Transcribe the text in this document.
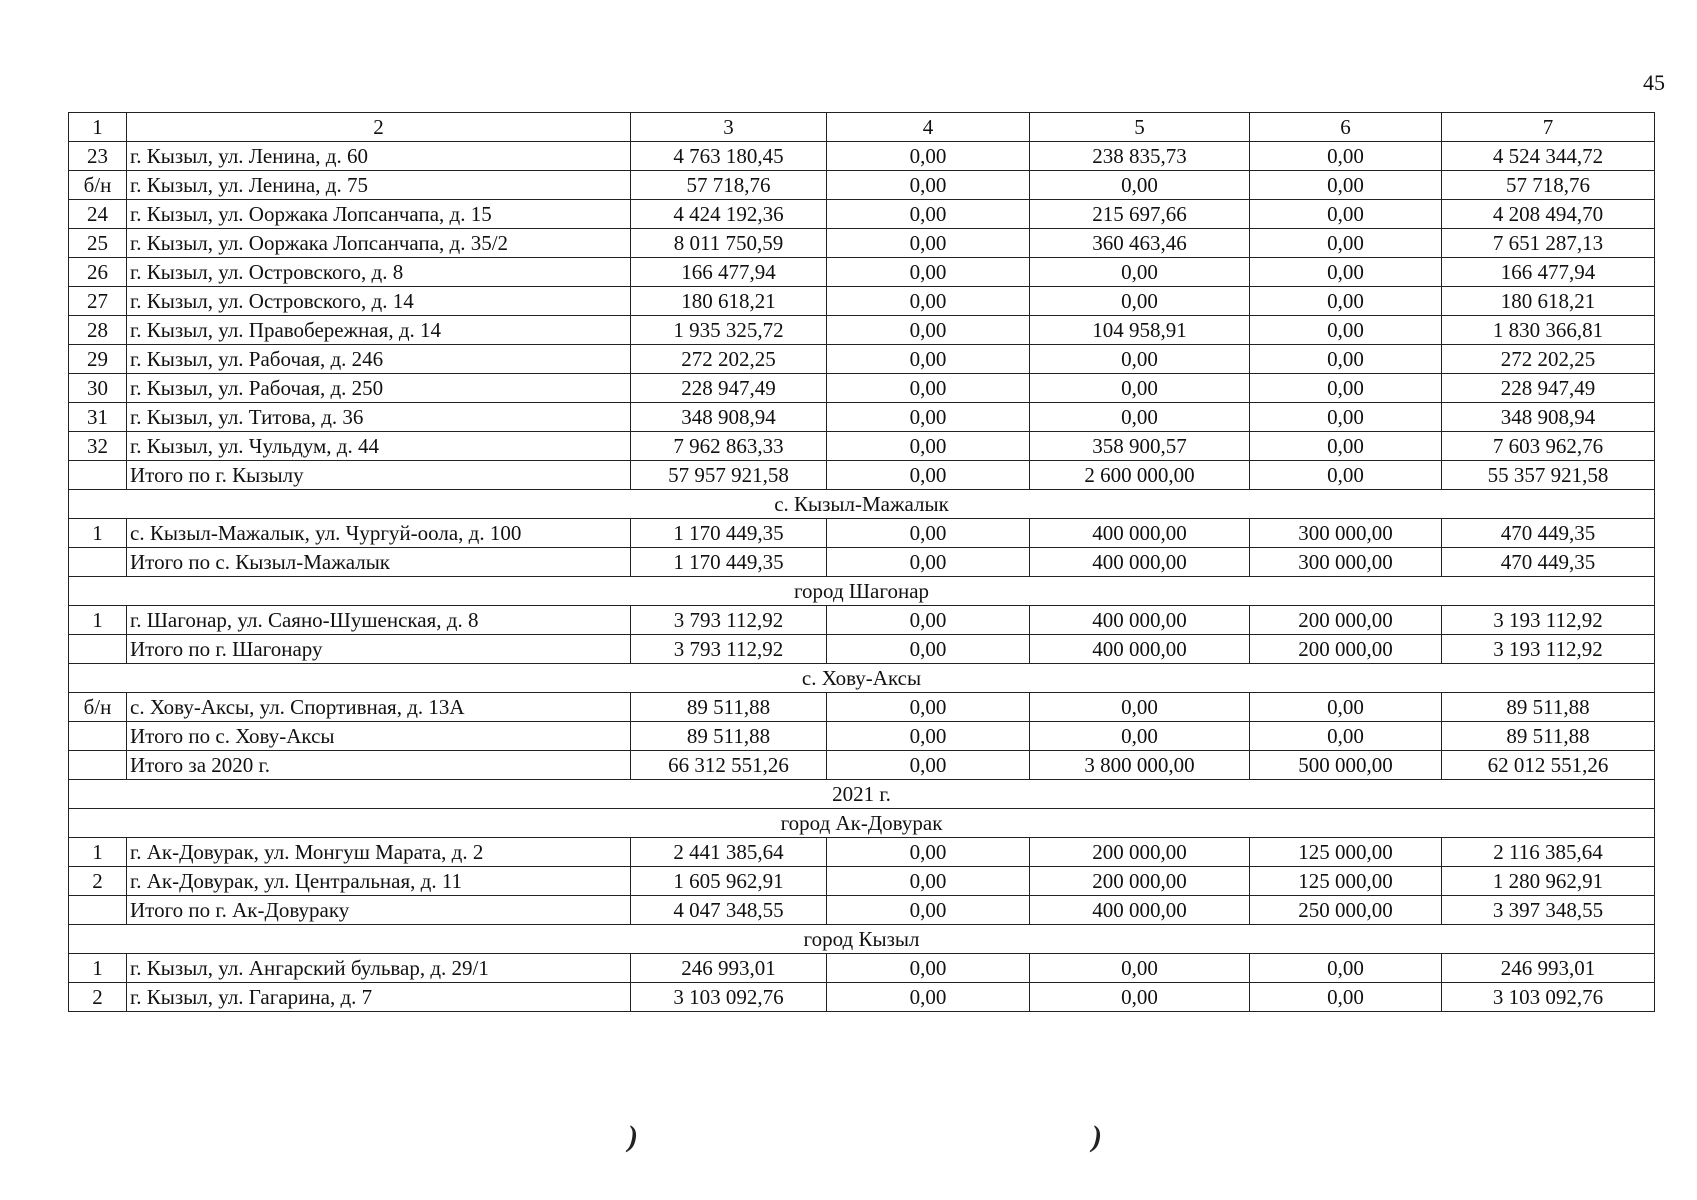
45
1	2	3	4	5	6	7
23	г. Кызыл, ул. Ленина, д. 60	4 763 180,45	0,00	238 835,73	0,00	4 524 344,72
б/н	г. Кызыл, ул. Ленина, д. 75	57 718,76	0,00	0,00	0,00	57 718,76
24	г. Кызыл, ул. Ооржака Лопсанчапа, д. 15	4 424 192,36	0,00	215 697,66	0,00	4 208 494,70
25	г. Кызыл, ул. Ооржака Лопсанчапа, д. 35/2	8 011 750,59	0,00	360 463,46	0,00	7 651 287,13
26	г. Кызыл, ул. Островского, д. 8	166 477,94	0,00	0,00	0,00	166 477,94
27	г. Кызыл, ул. Островского, д. 14	180 618,21	0,00	0,00	0,00	180 618,21
28	г. Кызыл, ул. Правобережная, д. 14	1 935 325,72	0,00	104 958,91	0,00	1 830 366,81
29	г. Кызыл, ул. Рабочая, д. 246	272 202,25	0,00	0,00	0,00	272 202,25
30	г. Кызыл, ул. Рабочая, д. 250	228 947,49	0,00	0,00	0,00	228 947,49
31	г. Кызыл, ул. Титова, д. 36	348 908,94	0,00	0,00	0,00	348 908,94
32	г. Кызыл, ул. Чульдум, д. 44	7 962 863,33	0,00	358 900,57	0,00	7 603 962,76
	Итого по г. Кызылу	57 957 921,58	0,00	2 600 000,00	0,00	55 357 921,58
с. Кызыл-Мажалык						
1	с. Кызыл-Мажалык, ул. Чургуй-оола, д. 100	1 170 449,35	0,00	400 000,00	300 000,00	470 449,35
	Итого по с. Кызыл-Мажалык	1 170 449,35	0,00	400 000,00	300 000,00	470 449,35
город Шагонар						
1	г. Шагонар, ул. Саяно-Шушенская, д. 8	3 793 112,92	0,00	400 000,00	200 000,00	3 193 112,92
	Итого по г. Шагонару	3 793 112,92	0,00	400 000,00	200 000,00	3 193 112,92
с. Хову-Аксы						
б/н	с. Хову-Аксы, ул. Спортивная, д. 13А	89 511,88	0,00	0,00	0,00	89 511,88
	Итого по с. Хову-Аксы	89 511,88	0,00	0,00	0,00	89 511,88
	Итого за 2020 г.	66 312 551,26	0,00	3 800 000,00	500 000,00	62 012 551,26
2021 г.						
город Ак-Довурак						
1	г. Ак-Довурак, ул. Монгуш Марата, д. 2	2 441 385,64	0,00	200 000,00	125 000,00	2 116 385,64
2	г. Ак-Довурак, ул. Центральная, д. 11	1 605 962,91	0,00	200 000,00	125 000,00	1 280 962,91
	Итого по г. Ак-Довураку	4 047 348,55	0,00	400 000,00	250 000,00	3 397 348,55
город Кызыл						
1	г. Кызыл, ул. Ангарский бульвар, д. 29/1	246 993,01	0,00	0,00	0,00	246 993,01
2	г. Кызыл, ул. Гагарина, д. 7	3 103 092,76	0,00	0,00	0,00	3 103 092,76
)	)
